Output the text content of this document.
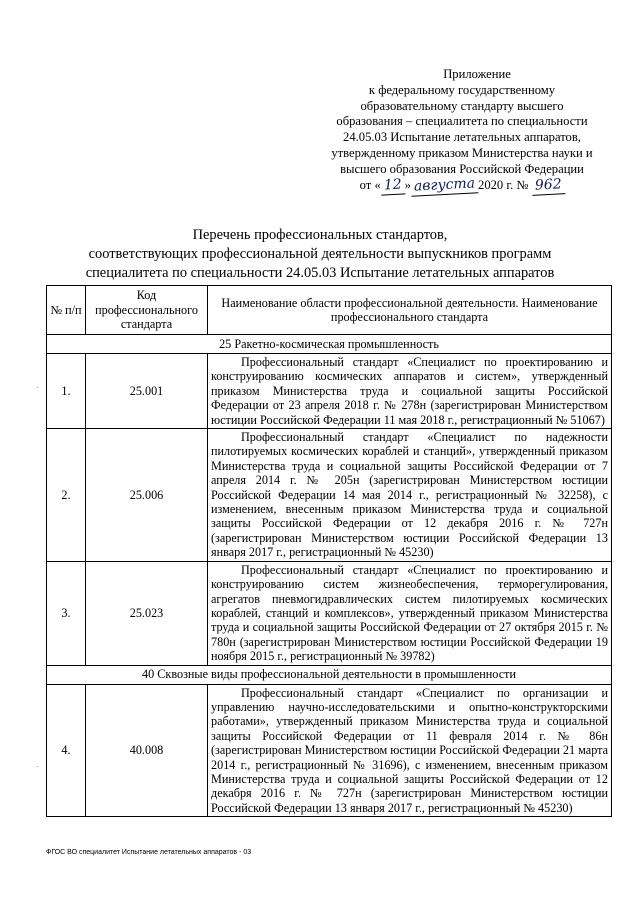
Приложение
к федеральному государственному
образовательному стандарту высшего
образования – специалитета по специальности
24.05.03 Испытание летательных аппаратов,
утвержденному приказом Министерства науки и
высшего образования Российской Федерации
от « 12 » августа 2020 г. № 962
Перечень профессиональных стандартов,
соответствующих профессиональной деятельности выпускников программ
специалитета по специальности 24.05.03 Испытание летательных аппаратов
№ п/п	Код профессионального стандарта	Наименование области профессиональной деятельности. Наименование профессионального стандарта
25 Ракетно-космическая промышленность		
1.	25.001	Профессиональный стандарт «Специалист по проектированию и конструированию космических аппаратов и систем», утвержденный приказом Министерства труда и социальной защиты Российской Федерации от 23 апреля 2018 г. № 278н (зарегистрирован Министерством юстиции Российской Федерации 11 мая 2018 г., регистрационный № 51067)
2.	25.006	Профессиональный стандарт «Специалист по надежности пилотируемых космических кораблей и станций», утвержденный приказом Министерства труда и социальной защиты Российской Федерации от 7 апреля 2014 г. № 205н (зарегистрирован Министерством юстиции Российской Федерации 14 мая 2014 г., регистрационный № 32258), с изменением, внесенным приказом Министерства труда и социальной защиты Российской Федерации от 12 декабря 2016 г. № 727н (зарегистрирован Министерством юстиции Российской Федерации 13 января 2017 г., регистрационный № 45230)
3.	25.023	Профессиональный стандарт «Специалист по проектированию и конструированию систем жизнеобеспечения, терморегулирования, агрегатов пневмогидравлических систем пилотируемых космических кораблей, станций и комплексов», утвержденный приказом Министерства труда и социальной защиты Российской Федерации от 27 октября 2015 г. № 780н (зарегистрирован Министерством юстиции Российской Федерации 19 ноября 2015 г., регистрационный № 39782)
40 Сквозные виды профессиональной деятельности в промышленности		
4.	40.008	Профессиональный стандарт «Специалист по организации и управлению научно-исследовательскими и опытно-конструкторскими работами», утвержденный приказом Министерства труда и социальной защиты Российской Федерации от 11 февраля 2014 г. № 86н (зарегистрирован Министерством юстиции Российской Федерации 21 марта 2014 г., регистрационный № 31696), с изменением, внесенным приказом Министерства труда и социальной защиты Российской Федерации от 12 декабря 2016 г. № 727н (зарегистрирован Министерством юстиции Российской Федерации 13 января 2017 г., регистрационный № 45230)
˙
˙
ФГОС ВО специалитет Испытание летательных аппаратов - 03
